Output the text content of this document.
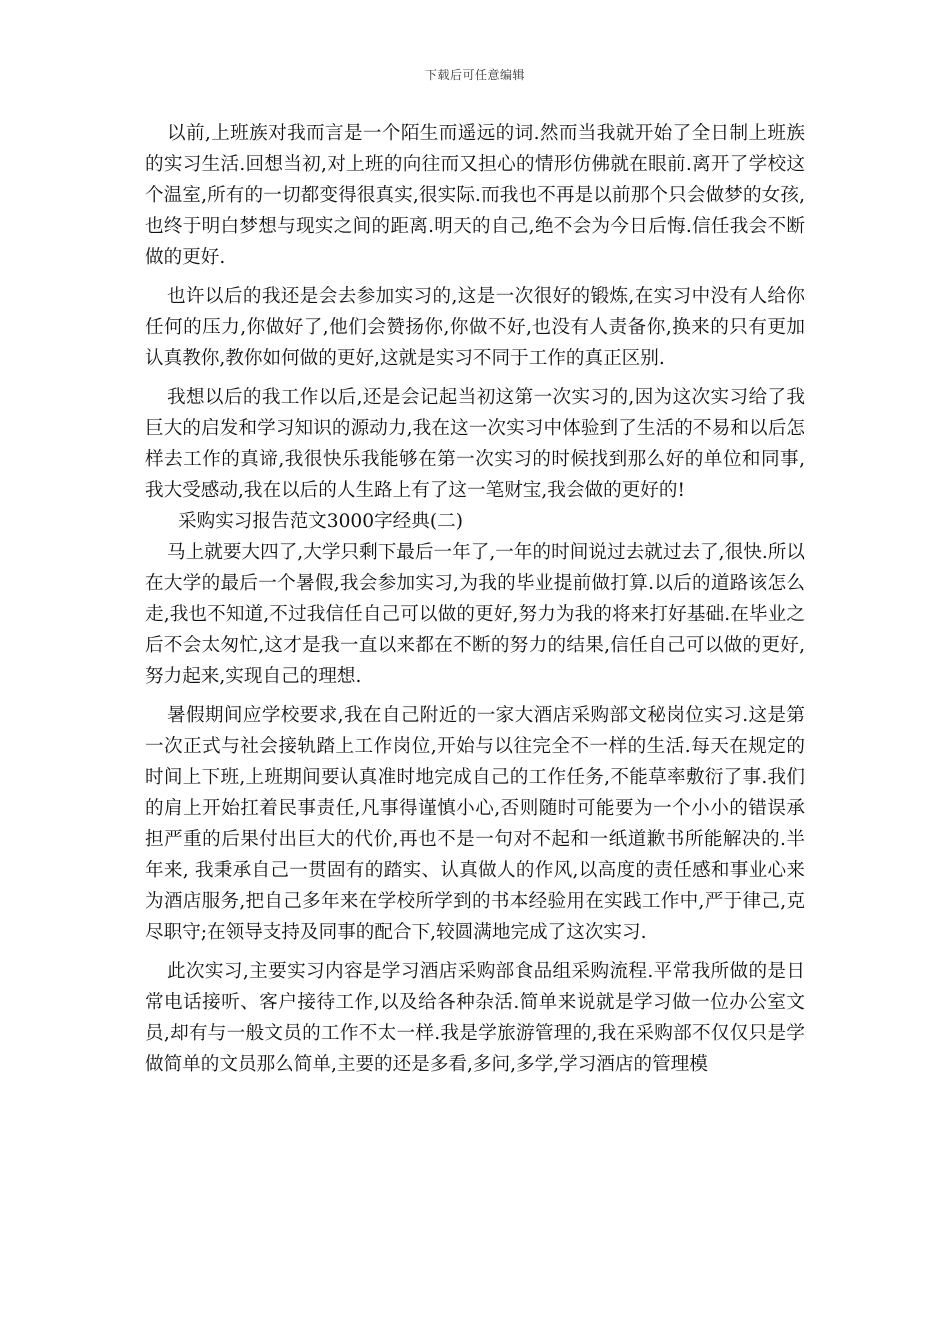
下载后可任意编辑

以前,上班族对我而言是一个陌生而遥远的词.然而当我就开始了全日制上班族的实习生活.回想当初,对上班的向往而又担心的情形仿佛就在眼前.离开了学校这个温室,所有的一切都变得很真实,很实际.而我也不再是以前那个只会做梦的女孩,也终于明白梦想与现实之间的距离.明天的自己,绝不会为今日后悔.信任我会不断做的更好.

也许以后的我还是会去参加实习的,这是一次很好的锻炼,在实习中没有人给你任何的压力,你做好了,他们会赞扬你,你做不好,也没有人责备你,换来的只有更加认真教你,教你如何做的更好,这就是实习不同于工作的真正区别.

我想以后的我工作以后,还是会记起当初这第一次实习的,因为这次实习给了我巨大的启发和学习知识的源动力,我在这一次实习中体验到了生活的不易和以后怎样去工作的真谛,我很快乐我能够在第一次实习的时候找到那么好的单位和同事,我大受感动,我在以后的人生路上有了这一笔财宝,我会做的更好的!

采购实习报告范文3000字经典(二)

马上就要大四了,大学只剩下最后一年了,一年的时间说过去就过去了,很快.所以在大学的最后一个暑假,我会参加实习,为我的毕业提前做打算.以后的道路该怎么走,我也不知道,不过我信任自己可以做的更好,努力为我的将来打好基础.在毕业之后不会太匆忙,这才是我一直以来都在不断的努力的结果,信任自己可以做的更好,努力起来,实现自己的理想.

暑假期间应学校要求,我在自己附近的一家大酒店采购部文秘岗位实习.这是第一次正式与社会接轨踏上工作岗位,开始与以往完全不一样的生活.每天在规定的时间上下班,上班期间要认真准时地完成自己的工作任务,不能草率敷衍了事.我们的肩上开始扛着民事责任,凡事得谨慎小心,否则随时可能要为一个小小的错误承担严重的后果付出巨大的代价,再也不是一句对不起和一纸道歉书所能解决的.半年来, 我秉承自己一贯固有的踏实、认真做人的作风,以高度的责任感和事业心来为酒店服务,把自己多年来在学校所学到的书本经验用在实践工作中,严于律己,克尽职守;在领导支持及同事的配合下,较圆满地完成了这次实习.

此次实习,主要实习内容是学习酒店采购部食品组采购流程.平常我所做的是日常电话接听、客户接待工作,以及给各种杂活.简单来说就是学习做一位办公室文员,却有与一般文员的工作不太一样.我是学旅游管理的,我在采购部不仅仅只是学做简单的文员那么简单,主要的还是多看,多问,多学,学习酒店的管理模
